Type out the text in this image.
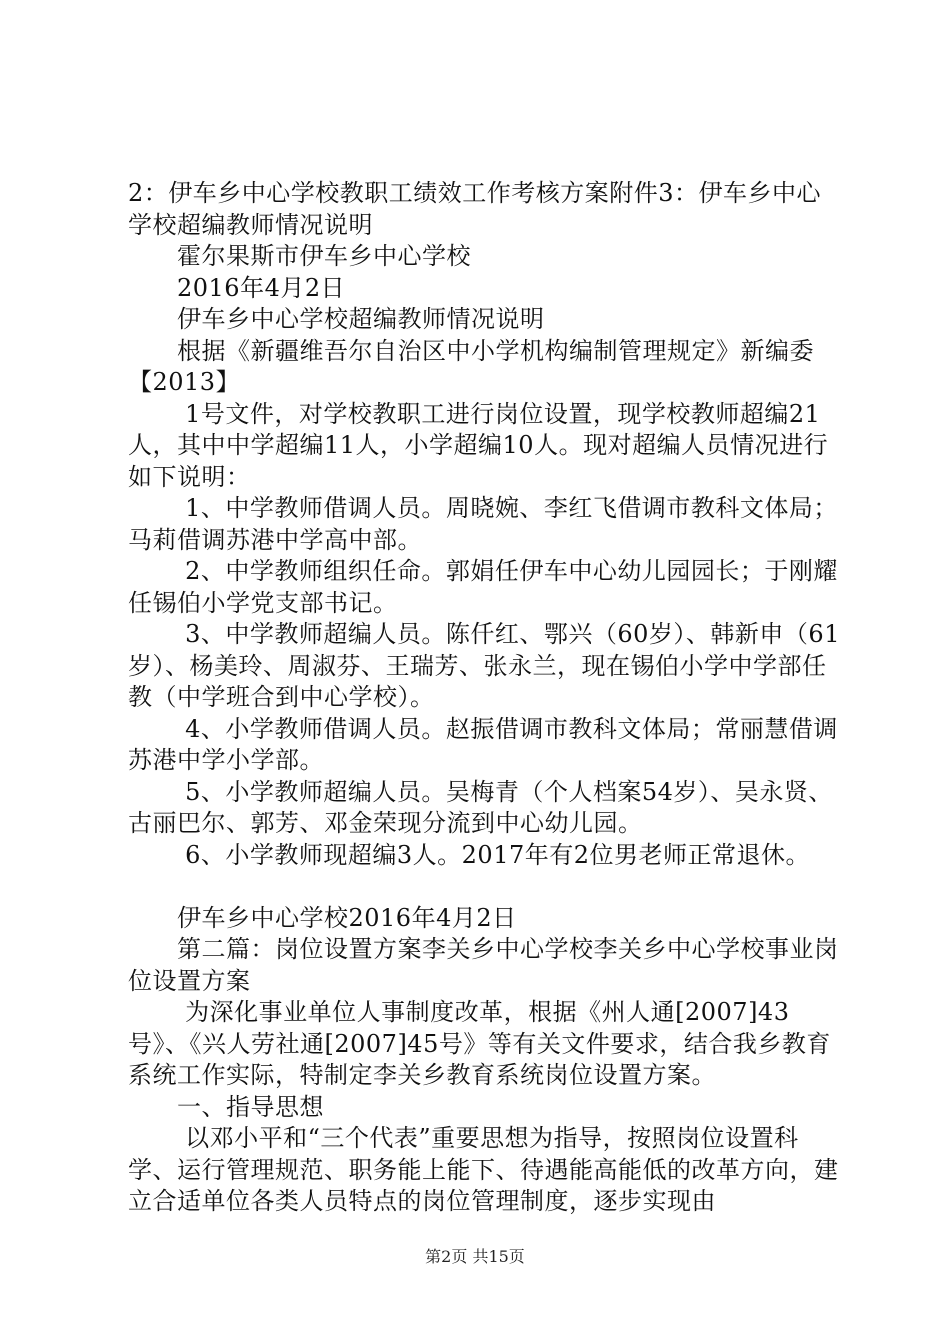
2：伊车乡中心学校教职工绩效工作考核方案附件3：伊车乡中心学校超编教师情况说明

　　霍尔果斯市伊车乡中心学校

　　2016年4月2日

　　伊车乡中心学校超编教师情况说明

　　根据《新疆维吾尔自治区中小学机构编制管理规定》新编委【2013】

　　 1号文件，对学校教职工进行岗位设置，现学校教师超编21人，其中中学超编11人，小学超编10人。现对超编人员情况进行如下说明：

　　 1、中学教师借调人员。周晓婉、李红飞借调市教科文体局；马莉借调苏港中学高中部。

　　 2、中学教师组织任命。郭娟任伊车中心幼儿园园长；于刚耀任锡伯小学党支部书记。

　　 3、中学教师超编人员。陈仟红、鄂兴（60岁）、韩新申（61岁）、杨美玲、周淑芬、王瑞芳、张永兰，现在锡伯小学中学部任教（中学班合到中心学校）。

　　 4、小学教师借调人员。赵振借调市教科文体局；常丽慧借调苏港中学小学部。

　　 5、小学教师超编人员。吴梅青（个人档案54岁）、吴永贤、古丽巴尔、郭芳、邓金荣现分流到中心幼儿园。

　　 6、小学教师现超编3人。2017年有2位男老师正常退休。

　　伊车乡中心学校2016年4月2日

　　第二篇：岗位设置方案李关乡中心学校李关乡中心学校事业岗位设置方案

　　 为深化事业单位人事制度改革，根据《州人通[2007]43号》、《兴人劳社通[2007]45号》等有关文件要求，结合我乡教育系统工作实际，特制定李关乡教育系统岗位设置方案。

　　一、指导思想

　　 以邓小平和“三个代表”重要思想为指导，按照岗位设置科学、运行管理规范、职务能上能下、待遇能高能低的改革方向，建立合适单位各类人员特点的岗位管理制度，逐步实现由

第2页 共15页
